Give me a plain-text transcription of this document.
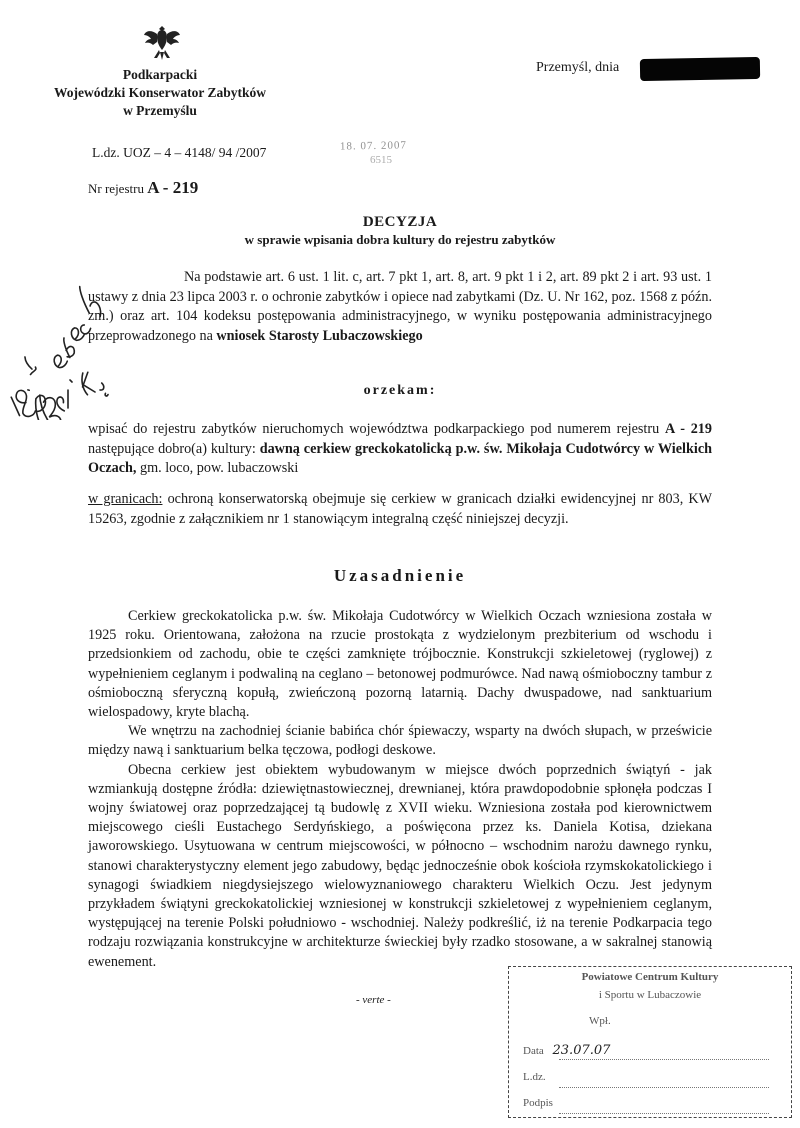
Podkarpacki
Wojewódzki Konserwator Zabytków
w Przemyślu
Przemyśl, dnia
L.dz. UOZ – 4 – 4148/ 94 /2007	18. 07. 2007
6515
Nr rejestru A - 219
DECYZJA
w sprawie wpisania dobra kultury do rejestru zabytków
Na podstawie art. 6 ust. 1 lit. c, art. 7 pkt 1, art. 8, art. 9 pkt 1 i 2, art. 89 pkt 2 i art. 93 ust. 1 ustawy z dnia 23 lipca 2003 r. o ochronie zabytków i opiece nad zabytkami (Dz. U. Nr 162, poz. 1568 z późn. zm.) oraz art. 104 kodeksu postępowania administracyjnego, w wyniku postępowania administracyjnego przeprowadzonego na wniosek Starosty Lubaczowskiego
orzekam:
wpisać do rejestru zabytków nieruchomych województwa podkarpackiego pod numerem rejestru A - 219 następujące dobro(a) kultury: dawną cerkiew greckokatolicką p.w. św. Mikołaja Cudotwórcy w Wielkich Oczach, gm. loco, pow. lubaczowski
w granicach: ochroną konserwatorską obejmuje się cerkiew w granicach działki ewidencyjnej nr 803, KW 15263, zgodnie z załącznikiem nr 1 stanowiącym integralną część niniejszej decyzji.
Uzasadnienie

Cerkiew greckokatolicka p.w. św. Mikołaja Cudotwórcy w Wielkich Oczach wzniesiona została w 1925 roku. Orientowana, założona na rzucie prostokąta z wydzielonym prezbiterium od wschodu i przedsionkiem od zachodu, obie te części zamknięte trójbocznie. Konstrukcji szkieletowej (ryglowej) z wypełnieniem ceglanym i podwaliną na ceglano – betonowej podmurówce. Nad nawą ośmioboczny tambur z ośmioboczną sferyczną kopułą, zwieńczoną pozorną latarnią. Dachy dwuspadowe, nad sanktuarium wielospadowy, kryte blachą.

We wnętrzu na zachodniej ścianie babińca chór śpiewaczy, wsparty na dwóch słupach, w prześwicie między nawą i sanktuarium belka tęczowa, podłogi deskowe.

Obecna cerkiew jest obiektem wybudowanym w miejsce dwóch poprzednich świątyń - jak wzmiankują dostępne źródła: dziewiętnastowiecznej, drewnianej, która prawdopodobnie spłonęła podczas I wojny światowej oraz poprzedzającej tą budowlę z XVII wieku. Wzniesiona została pod kierownictwem miejscowego cieśli Eustachego Serdyńskiego, a poświęcona przez ks. Daniela Kotisa, dziekana jaworowskiego. Usytuowana w centrum miejscowości, w północno – wschodnim narożu dawnego rynku, stanowi charakterystyczny element jego zabudowy, będąc jednocześnie obok kościoła rzymskokatolickiego i synagogi świadkiem niegdysiejszego wielowyznaniowego charakteru Wielkich Oczu. Jest jedynym przykładem świątyni greckokatolickiej wzniesionej w konstrukcji szkieletowej z wypełnieniem ceglanym, występującej na terenie Polski południowo - wschodniej. Należy podkreślić, iż na terenie Podkarpacia tego rodzaju rozwiązania konstrukcyjne w architekturze świeckiej były rzadko stosowane, a w sakralnej stanowią ewenement.

- verte -
Powiatowe Centrum Kultury
i Sportu w Lubaczowie
Wpł.
Data 23.07.07
L.dz.
Podpis
